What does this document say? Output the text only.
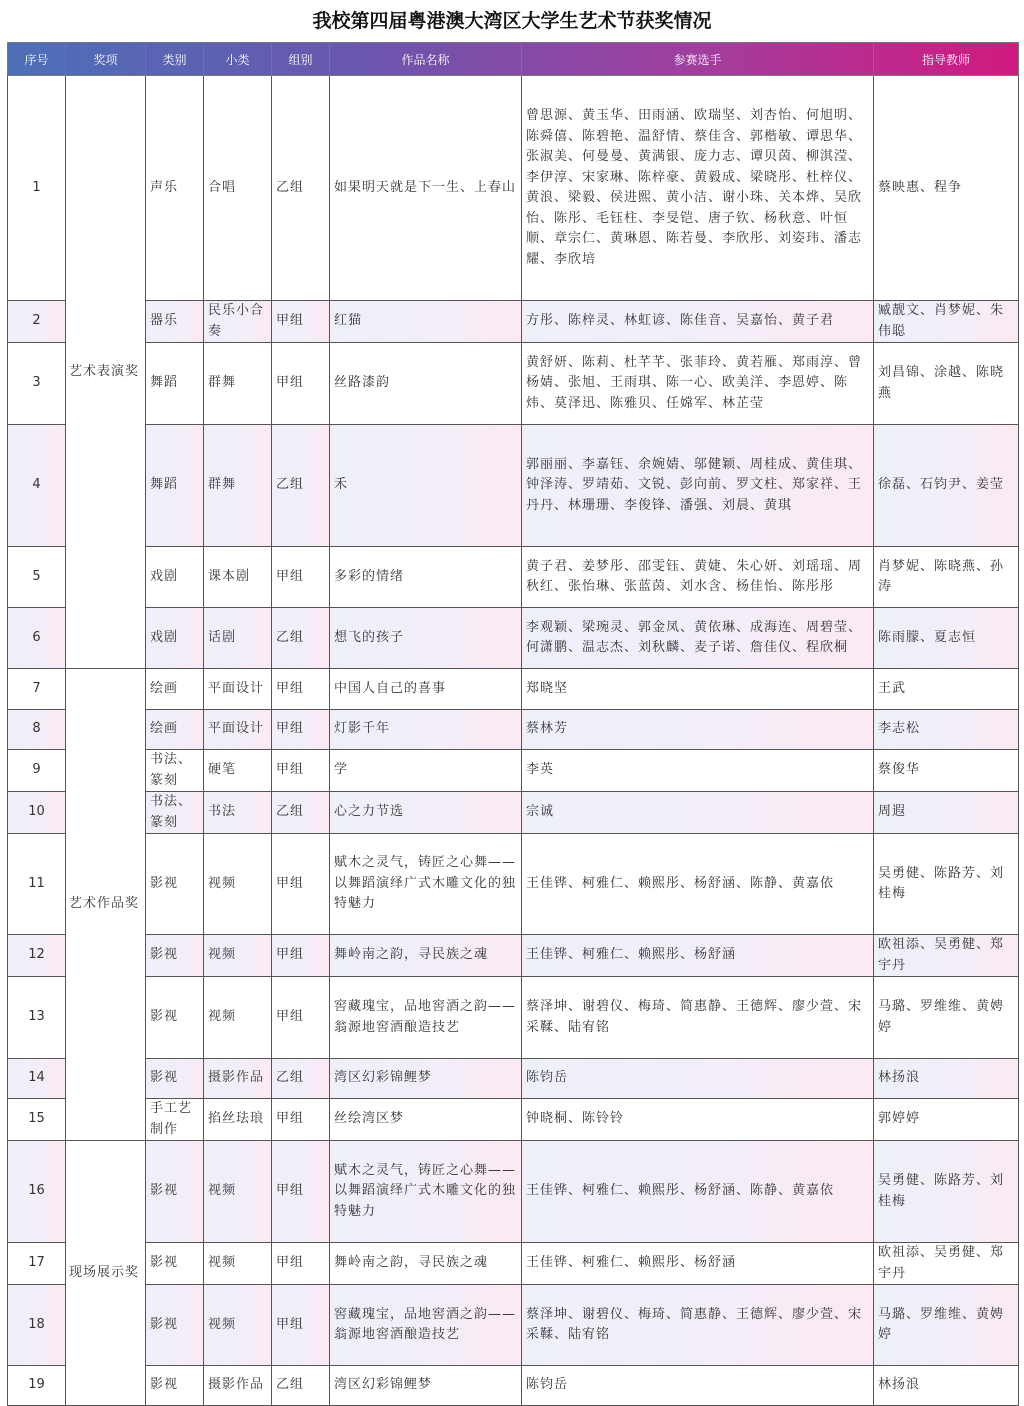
我校第四届粤港澳大湾区大学生艺术节获奖情况
序号	奖项	类别	小类	组别	作品名称	参赛选手	指导教师
1	艺术表演奖	声乐	合唱	乙组	如果明天就是下一生、上春山	曾思源、黄玉华、田雨涵、欧瑞坚、刘杏怡、何旭明、陈舜僖、陈碧艳、温舒情、蔡佳含、郭楷敏、谭思华、张淑美、何曼曼、黄满银、庞力志、谭贝茵、柳淇滢、李伊淳、宋家琳、陈梓豪、黄毅成、梁晓彤、杜梓仪、黄浪、梁毅、侯进熙、黄小洁、谢小珠、关本烨、吴欣怡、陈彤、毛钰柱、李旻铠、唐子钦、杨秋意、叶恒顺、章宗仁、黄琳恩、陈若曼、李欣彤、刘姿玮、潘志耀、李欣培	蔡映惠、程争
2		器乐	民乐小合奏	甲组	红猫	方彤、陈梓灵、林虹谚、陈佳音、吴嘉怡、黄子君	臧靓文、肖梦妮、朱伟聪
3		舞蹈	群舞	甲组	丝路漆韵	黄舒妍、陈莉、杜芊芊、张菲玲、黄若雁、郑雨淳、曾杨婧、张旭、王雨琪、陈一心、欧美洋、李恩婷、陈炜、莫泽迅、陈雅贝、任嫦军、林芷莹	刘昌锦、涂越、陈晓燕
4		舞蹈	群舞	乙组	禾	郭丽丽、李嘉钰、余婉婧、邬健颖、周桂成、黄佳琪、钟泽涛、罗靖茹、文锐、彭向前、罗文柱、郑家祥、王丹丹、林珊珊、李俊锋、潘强、刘晨、黄琪	徐磊、石钧尹、姜莹
5		戏剧	课本剧	甲组	多彩的情绪	黄子君、姜梦彤、邵雯钰、黄婕、朱心妍、刘瑶瑶、周秋红、张怡琳、张蓝茵、刘水含、杨佳怡、陈彤彤	肖梦妮、陈晓燕、孙涛
6		戏剧	话剧	乙组	想飞的孩子	李观颖、梁琬灵、郭金凤、黄依琳、成海连、周碧莹、何潇鹏、温志杰、刘秋麟、麦子诺、詹佳仪、程欣桐	陈雨朦、夏志恒
7	艺术作品奖	绘画	平面设计	甲组	中国人自己的喜事	郑晓坚	王武
8		绘画	平面设计	甲组	灯影千年	蔡林芳	李志松
9		书法、篆刻	硬笔	甲组	学	李英	蔡俊华
10		书法、篆刻	书法	乙组	心之力节选	宗诚	周遐
11		影视	视频	甲组	赋木之灵气，铸匠之心舞——以舞蹈演绎广式木雕文化的独特魅力	王佳铧、柯雅仁、赖熙彤、杨舒涵、陈静、黄嘉依	吴勇健、陈路芳、刘桂梅
12		影视	视频	甲组	舞岭南之韵，寻民族之魂	王佳铧、柯雅仁、赖熙彤、杨舒涵	欧祖添、吴勇健、郑宇丹
13		影视	视频	甲组	窖藏瑰宝，品地窖酒之韵——翁源地窖酒酿造技艺	蔡泽坤、谢碧仪、梅琦、简惠静、王德辉、廖少萱、宋采鞣、陆宥铭	马璐、罗维维、黄娉婷
14		影视	摄影作品	乙组	湾区幻彩锦鲤梦	陈钧岳	林扬浪
15		手工艺制作	掐丝珐琅	甲组	丝绘湾区梦	钟晓桐、陈铃铃	郭婷婷
16	现场展示奖	影视	视频	甲组	赋木之灵气，铸匠之心舞——以舞蹈演绎广式木雕文化的独特魅力	王佳铧、柯雅仁、赖熙彤、杨舒涵、陈静、黄嘉依	吴勇健、陈路芳、刘桂梅
17		影视	视频	甲组	舞岭南之韵，寻民族之魂	王佳铧、柯雅仁、赖熙彤、杨舒涵	欧祖添、吴勇健、郑宇丹
18		影视	视频	甲组	窖藏瑰宝，品地窖酒之韵——翁源地窖酒酿造技艺	蔡泽坤、谢碧仪、梅琦、简惠静、王德辉、廖少萱、宋采鞣、陆宥铭	马璐、罗维维、黄娉婷
19		影视	摄影作品	乙组	湾区幻彩锦鲤梦	陈钧岳	林扬浪
